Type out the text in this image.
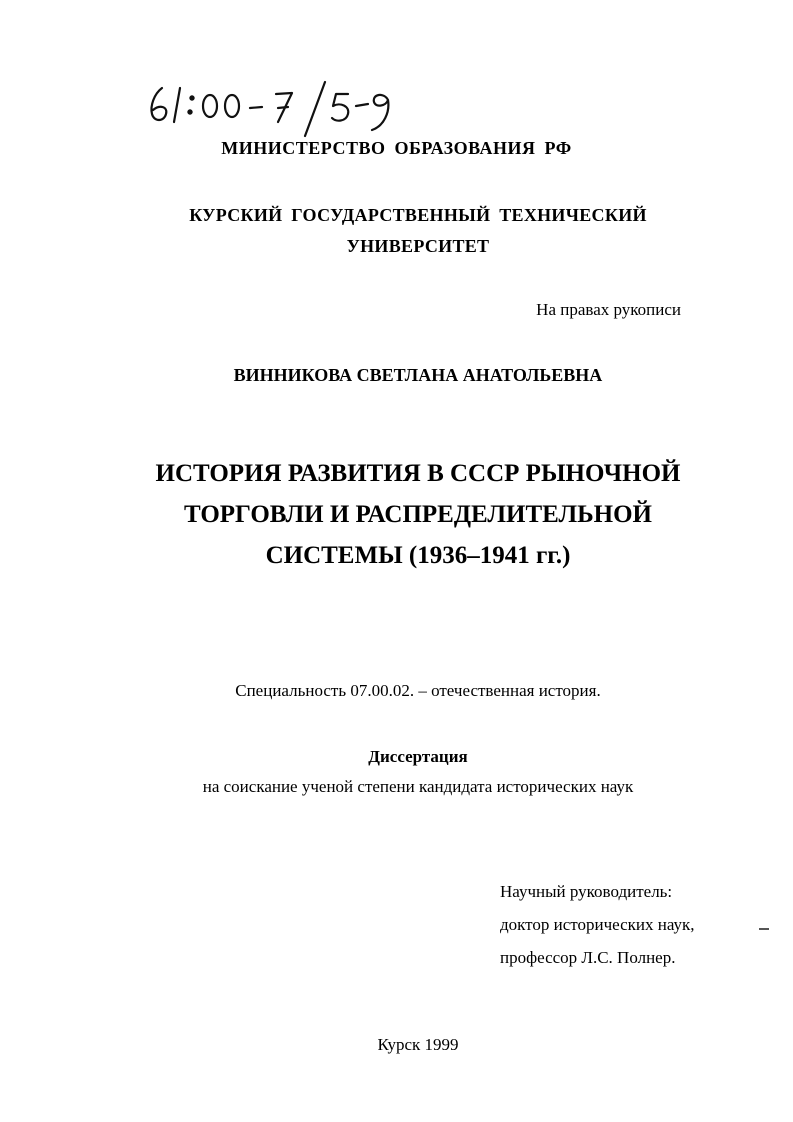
МИНИСТЕРСТВО ОБРАЗОВАНИЯ РФ
КУРСКИЙ ГОСУДАРСТВЕННЫЙ ТЕХНИЧЕСКИЙ
УНИВЕРСИТЕТ
На правах рукописи
ВИННИКОВА СВЕТЛАНА АНАТОЛЬЕВНА
ИСТОРИЯ РАЗВИТИЯ В СССР РЫНОЧНОЙ
ТОРГОВЛИ И РАСПРЕДЕЛИТЕЛЬНОЙ
СИСТЕМЫ (1936–1941 гг.)
Специальность 07.00.02. – отечественная история.
Диссертация
на соискание ученой степени кандидата исторических наук
Научный руководитель:
доктор исторических наук,
профессор Л.С. Полнер.
Курск 1999
